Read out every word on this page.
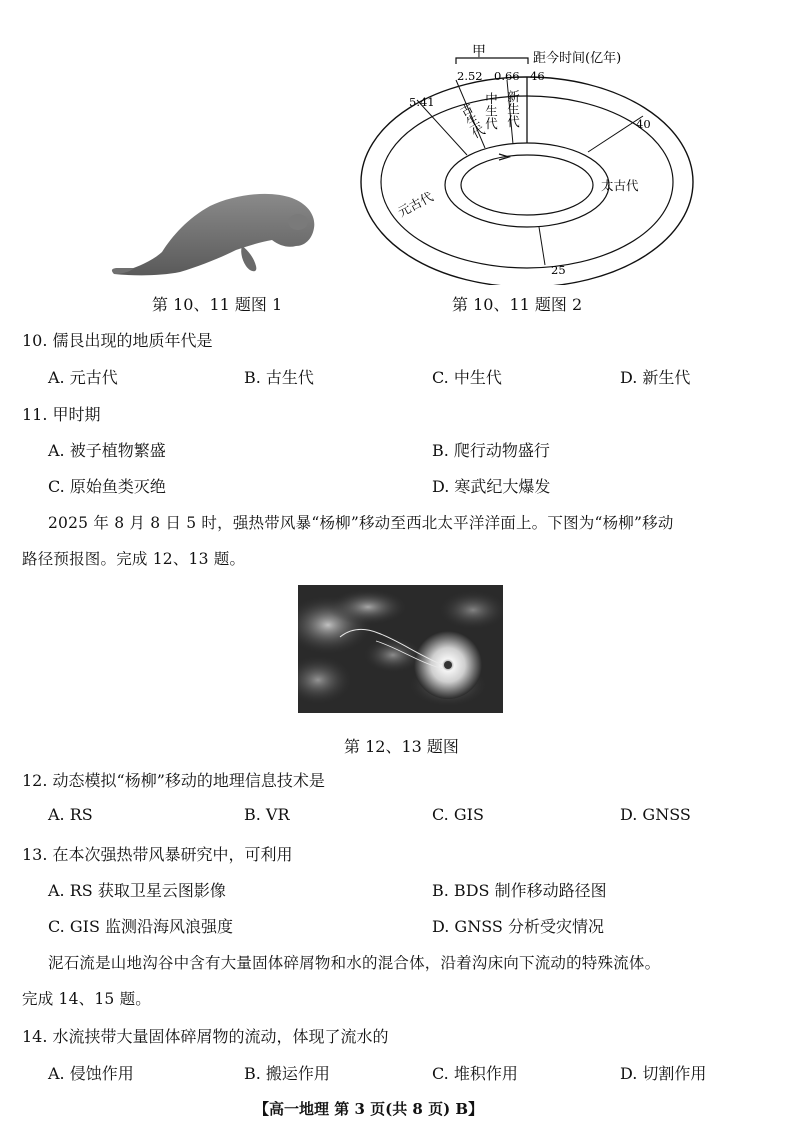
第 10、11 题图 1
甲	距今时间(亿年)
2.52 0.66 46
5.41
40
25
古生代
中生代 新生代
太古代
元古代
第 10、11 题图 2
10. 儒艮出现的地质年代是
A. 元古代	B. 古生代	C. 中生代	D. 新生代
11. 甲时期
A. 被子植物繁盛	B. 爬行动物盛行
C. 原始鱼类灭绝	D. 寒武纪大爆发
2025 年 8 月 8 日 5 时，强热带风暴“杨柳”移动至西北太平洋洋面上。下图为“杨柳”移动
路径预报图。完成 12、13 题。
第 12、13 题图
12. 动态模拟“杨柳”移动的地理信息技术是
A. RS	B. VR	C. GIS	D. GNSS
13. 在本次强热带风暴研究中，可利用
A. RS 获取卫星云图影像	B. BDS 制作移动路径图
C. GIS 监测沿海风浪强度	D. GNSS 分析受灾情况
泥石流是山地沟谷中含有大量固体碎屑物和水的混合体，沿着沟床向下流动的特殊流体。
完成 14、15 题。
14. 水流挟带大量固体碎屑物的流动，体现了流水的
A. 侵蚀作用	B. 搬运作用	C. 堆积作用	D. 切割作用
【高一地理 第 3 页(共 8 页) B】
